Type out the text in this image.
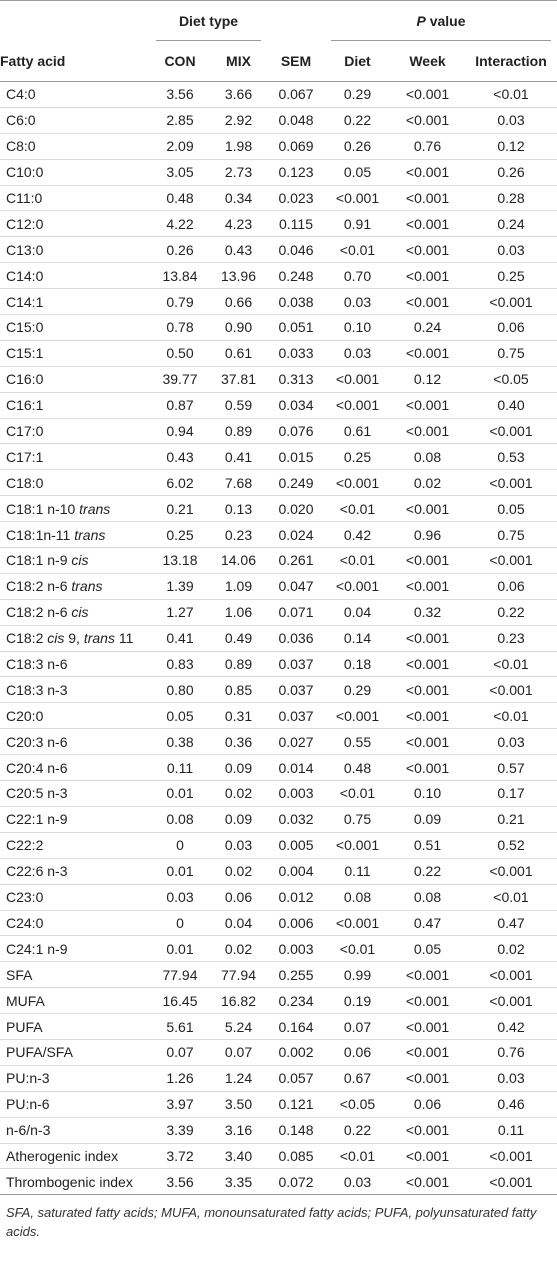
	Diet type			P value		

Fatty acid	CON	MIX	SEM	Diet	Week	Interaction
C4:0	3.56	3.66	0.067	0.29	<0.001	<0.01
C6:0	2.85	2.92	0.048	0.22	<0.001	0.03
C8:0	2.09	1.98	0.069	0.26	0.76	0.12
C10:0	3.05	2.73	0.123	0.05	<0.001	0.26
C11:0	0.48	0.34	0.023	<0.001	<0.001	0.28
C12:0	4.22	4.23	0.115	0.91	<0.001	0.24
C13:0	0.26	0.43	0.046	<0.01	<0.001	0.03
C14:0	13.84	13.96	0.248	0.70	<0.001	0.25
C14:1	0.79	0.66	0.038	0.03	<0.001	<0.001
C15:0	0.78	0.90	0.051	0.10	0.24	0.06
C15:1	0.50	0.61	0.033	0.03	<0.001	0.75
C16:0	39.77	37.81	0.313	<0.001	0.12	<0.05
C16:1	0.87	0.59	0.034	<0.001	<0.001	0.40
C17:0	0.94	0.89	0.076	0.61	<0.001	<0.001
C17:1	0.43	0.41	0.015	0.25	0.08	0.53
C18:0	6.02	7.68	0.249	<0.001	0.02	<0.001
C18:1 n-10 trans	0.21	0.13	0.020	<0.01	<0.001	0.05
C18:1n-11 trans	0.25	0.23	0.024	0.42	0.96	0.75
C18:1 n-9 cis	13.18	14.06	0.261	<0.01	<0.001	<0.001
C18:2 n-6 trans	1.39	1.09	0.047	<0.001	<0.001	0.06
C18:2 n-6 cis	1.27	1.06	0.071	0.04	0.32	0.22
C18:2 cis 9, trans 11	0.41	0.49	0.036	0.14	<0.001	0.23
C18:3 n-6	0.83	0.89	0.037	0.18	<0.001	<0.01
C18:3 n-3	0.80	0.85	0.037	0.29	<0.001	<0.001
C20:0	0.05	0.31	0.037	<0.001	<0.001	<0.01
C20:3 n-6	0.38	0.36	0.027	0.55	<0.001	0.03
C20:4 n-6	0.11	0.09	0.014	0.48	<0.001	0.57
C20:5 n-3	0.01	0.02	0.003	<0.01	0.10	0.17
C22:1 n-9	0.08	0.09	0.032	0.75	0.09	0.21
C22:2	0	0.03	0.005	<0.001	0.51	0.52
C22:6 n-3	0.01	0.02	0.004	0.11	0.22	<0.001
C23:0	0.03	0.06	0.012	0.08	0.08	<0.01
C24:0	0	0.04	0.006	<0.001	0.47	0.47
C24:1 n-9	0.01	0.02	0.003	<0.01	0.05	0.02
SFA	77.94	77.94	0.255	0.99	<0.001	<0.001
MUFA	16.45	16.82	0.234	0.19	<0.001	<0.001
PUFA	5.61	5.24	0.164	0.07	<0.001	0.42
PUFA/SFA	0.07	0.07	0.002	0.06	<0.001	0.76
PU:n-3	1.26	1.24	0.057	0.67	<0.001	0.03
PU:n-6	3.97	3.50	0.121	<0.05	0.06	0.46
n-6/n-3	3.39	3.16	0.148	0.22	<0.001	0.11
Atherogenic index	3.72	3.40	0.085	<0.01	<0.001	<0.001
Thrombogenic index	3.56	3.35	0.072	0.03	<0.001	<0.001
SFA, saturated fatty acids; MUFA, monounsaturated fatty acids; PUFA, polyunsaturated fatty acids.
